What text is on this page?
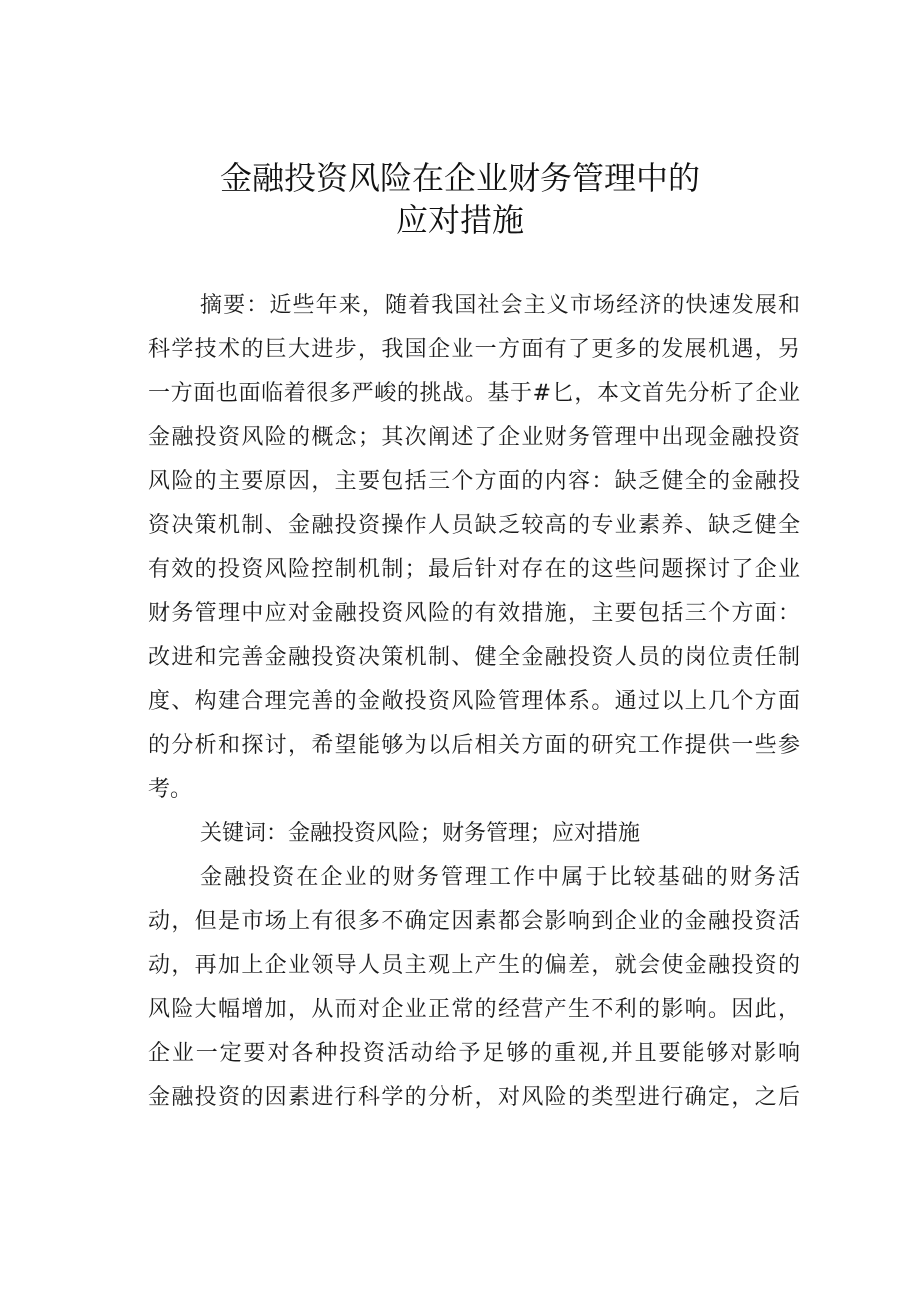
金融投资风险在企业财务管理中的
应对措施
摘要：近些年来，随着我国社会主义市场经济的快速发展和
科学技术的巨大进步，我国企业一方面有了更多的发展机遇，另
一方面也面临着很多严峻的挑战。基于#匕，本文首先分析了企业
金融投资风险的概念；其次阐述了企业财务管理中出现金融投资
风险的主要原因，主要包括三个方面的内容：缺乏健全的金融投
资决策机制、金融投资操作人员缺乏较高的专业素养、缺乏健全
有效的投资风险控制机制；最后针对存在的这些问题探讨了企业
财务管理中应对金融投资风险的有效措施，主要包括三个方面：
改进和完善金融投资决策机制、健全金融投资人员的岗位责任制
度、构建合理完善的金敞投资风险管理体系。通过以上几个方面
的分析和探讨，希望能够为以后相关方面的研究工作提供一些参
考。
关键词：金融投资风险；财务管理；应对措施
金融投资在企业的财务管理工作中属于比较基础的财务活
动，但是市场上有很多不确定因素都会影响到企业的金融投资活
动，再加上企业领导人员主观上产生的偏差，就会使金融投资的
风险大幅增加，从而对企业正常的经营产生不利的影响。因此，
企业一定要对各种投资活动给予足够的重视,并且要能够对影响
金融投资的因素进行科学的分析，对风险的类型进行确定，之后
